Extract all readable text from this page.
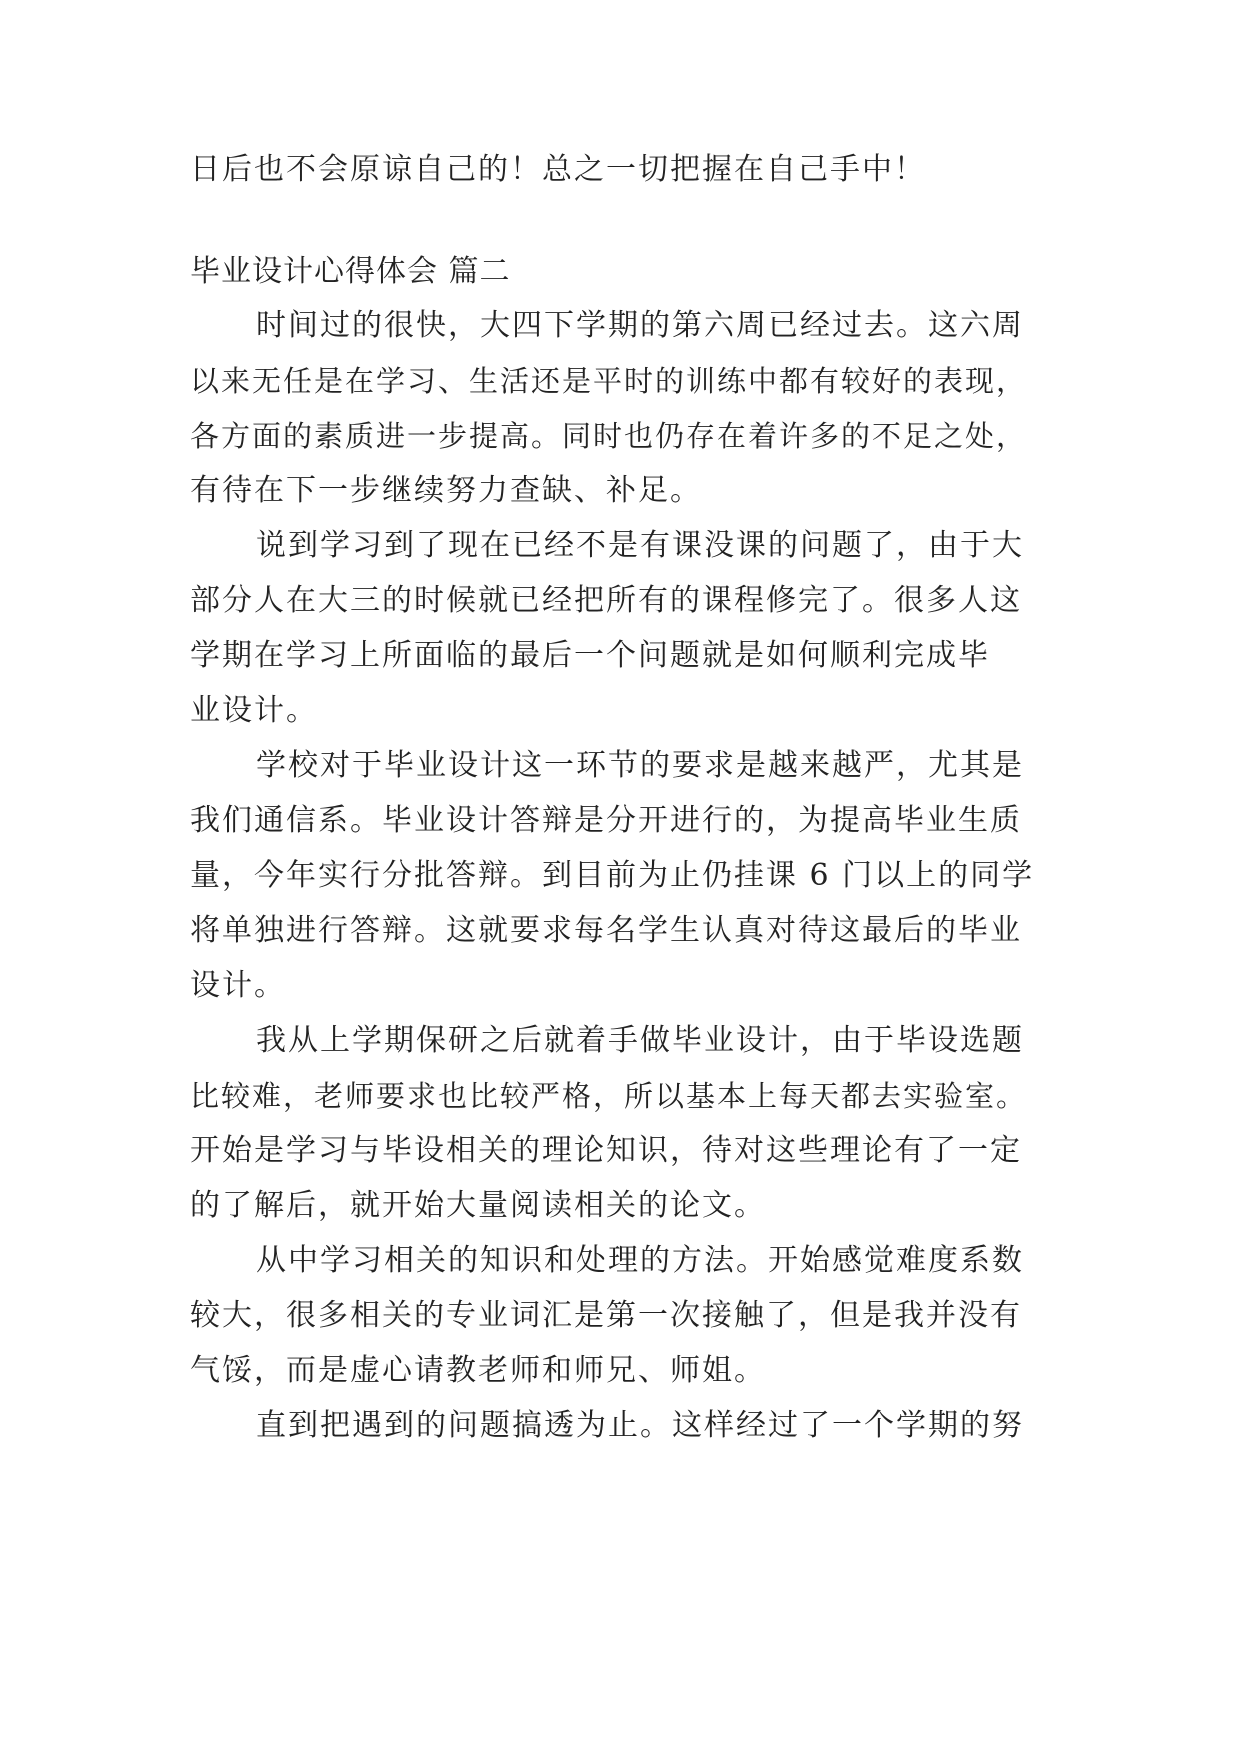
日后也不会原谅自己的！总之一切把握在自己手中！
毕业设计心得体会 篇二
时间过的很快，大四下学期的第六周已经过去。这六周
以来无任是在学习、生活还是平时的训练中都有较好的表现，
各方面的素质进一步提高。同时也仍存在着许多的不足之处，
有待在下一步继续努力查缺、补足。
说到学习到了现在已经不是有课没课的问题了，由于大
部分人在大三的时候就已经把所有的课程修完了。很多人这
学期在学习上所面临的最后一个问题就是如何顺利完成毕
业设计。
学校对于毕业设计这一环节的要求是越来越严，尤其是
我们通信系。毕业设计答辩是分开进行的，为提高毕业生质
量，今年实行分批答辩。到目前为止仍挂课 6 门以上的同学
将单独进行答辩。这就要求每名学生认真对待这最后的毕业
设计。
我从上学期保研之后就着手做毕业设计，由于毕设选题
比较难，老师要求也比较严格，所以基本上每天都去实验室。
开始是学习与毕设相关的理论知识，待对这些理论有了一定
的了解后，就开始大量阅读相关的论文。
从中学习相关的知识和处理的方法。开始感觉难度系数
较大，很多相关的专业词汇是第一次接触了，但是我并没有
气馁，而是虚心请教老师和师兄、师姐。
直到把遇到的问题搞透为止。这样经过了一个学期的努
